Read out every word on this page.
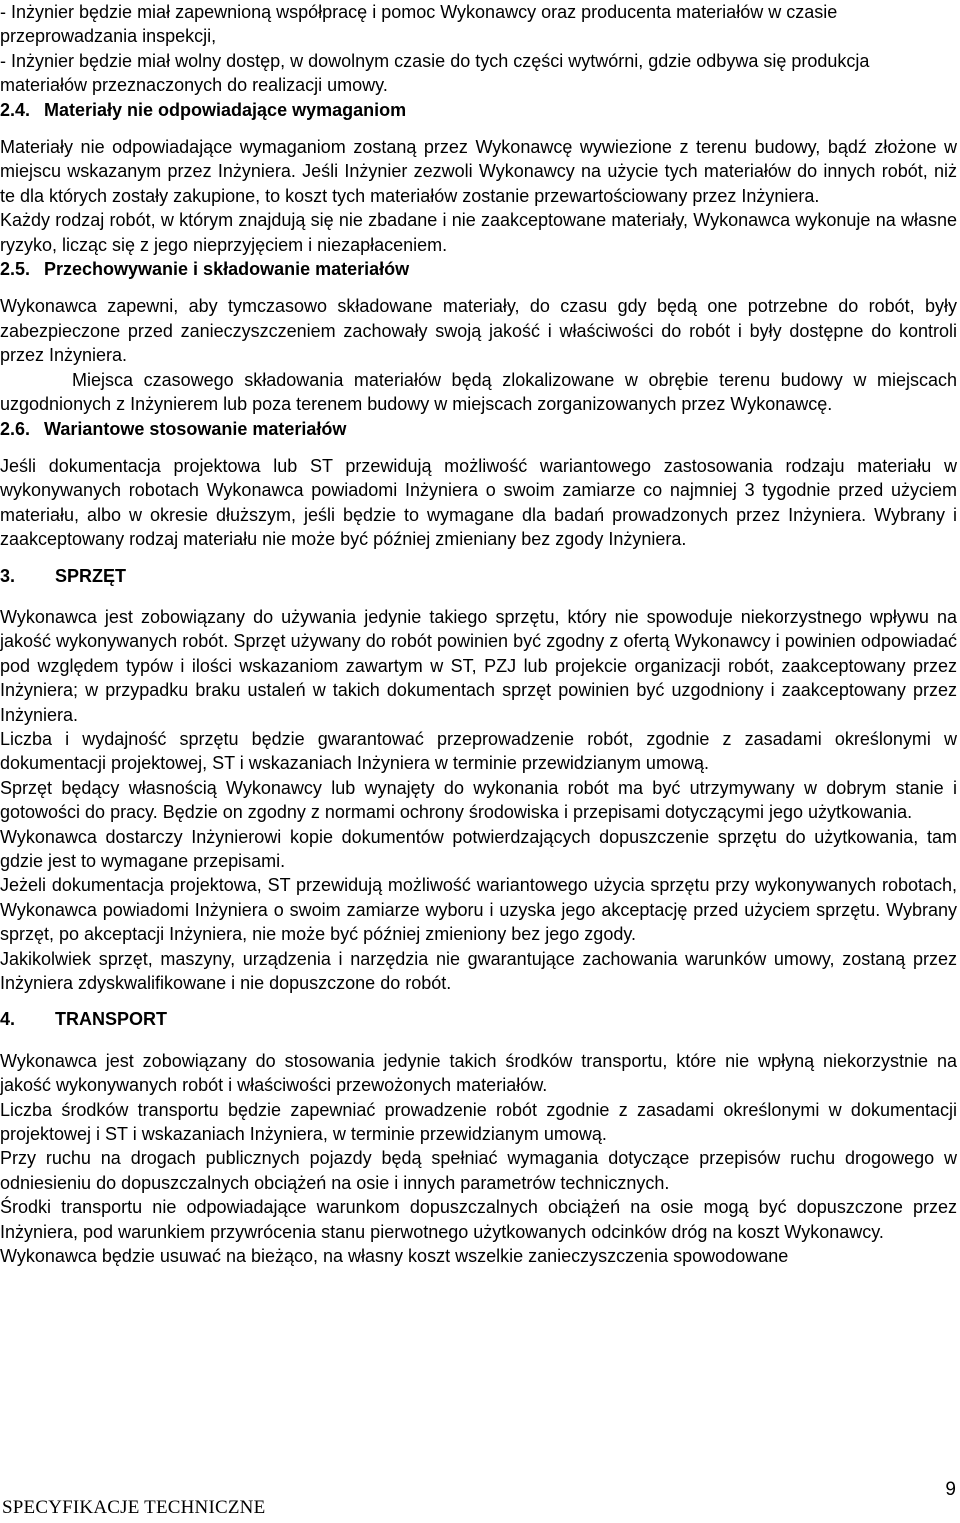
- Inżynier będzie miał zapewnioną współpracę i pomoc Wykonawcy oraz producenta materiałów w czasie przeprowadzania inspekcji,

- Inżynier będzie miał wolny dostęp, w dowolnym czasie do tych części wytwórni, gdzie odbywa się produkcja materiałów przeznaczonych do realizacji umowy.

2.4. Materiały nie odpowiadające wymaganiom

Materiały nie odpowiadające wymaganiom zostaną przez Wykonawcę wywiezione z terenu budowy, bądź złożone w miejscu wskazanym przez Inżyniera. Jeśli Inżynier zezwoli Wykonawcy na użycie tych materiałów do innych robót, niż te dla których zostały zakupione, to koszt tych materiałów zostanie przewartościowany przez Inżyniera.

Każdy rodzaj robót, w którym znajdują się nie zbadane i nie zaakceptowane materiały, Wykonawca wykonuje na własne ryzyko, licząc się z jego nieprzyjęciem i niezapłaceniem.

2.5. Przechowywanie i składowanie materiałów

Wykonawca zapewni, aby tymczasowo składowane materiały, do czasu gdy będą one potrzebne do robót, były zabezpieczone przed zanieczyszczeniem zachowały swoją jakość i właściwości do robót i były dostępne do kontroli przez Inżyniera.

Miejsca czasowego składowania materiałów będą zlokalizowane w obrębie terenu budowy w miejscach uzgodnionych z Inżynierem lub poza terenem budowy w miejscach zorganizowanych przez Wykonawcę.

2.6. Wariantowe stosowanie materiałów

Jeśli dokumentacja projektowa lub ST przewidują możliwość wariantowego zastosowania rodzaju materiału w wykonywanych robotach Wykonawca powiadomi Inżyniera o swoim zamiarze co najmniej 3 tygodnie przed użyciem materiału, albo w okresie dłuższym, jeśli będzie to wymagane dla badań prowadzonych przez Inżyniera. Wybrany i zaakceptowany rodzaj materiału nie może być później zmieniany bez zgody Inżyniera.

3. SPRZĘT

Wykonawca jest zobowiązany do używania jedynie takiego sprzętu, który nie spowoduje niekorzystnego wpływu na jakość wykonywanych robót. Sprzęt używany do robót powinien być zgodny z ofertą Wykonawcy i powinien odpowiadać pod względem typów i ilości wskazaniom zawartym w ST, PZJ lub projekcie organizacji robót, zaakceptowany przez Inżyniera; w przypadku braku ustaleń w takich dokumentach sprzęt powinien być uzgodniony i zaakceptowany przez Inżyniera.

Liczba i wydajność sprzętu będzie gwarantować przeprowadzenie robót, zgodnie z zasadami określonymi w dokumentacji projektowej, ST i wskazaniach Inżyniera w terminie przewidzianym umową.

Sprzęt będący własnością Wykonawcy lub wynajęty do wykonania robót ma być utrzymywany w dobrym stanie i gotowości do pracy. Będzie on zgodny z normami ochrony środowiska i przepisami dotyczącymi jego użytkowania.

Wykonawca dostarczy Inżynierowi kopie dokumentów potwierdzających dopuszczenie sprzętu do użytkowania, tam gdzie jest to wymagane przepisami.

Jeżeli dokumentacja projektowa, ST przewidują możliwość wariantowego użycia sprzętu przy wykonywanych robotach, Wykonawca powiadomi Inżyniera o swoim zamiarze wyboru i uzyska jego akceptację przed użyciem sprzętu. Wybrany sprzęt, po akceptacji Inżyniera, nie może być później zmieniony bez jego zgody.

Jakikolwiek sprzęt, maszyny, urządzenia i narzędzia nie gwarantujące zachowania warunków umowy, zostaną przez Inżyniera zdyskwalifikowane i nie dopuszczone do robót.

4. TRANSPORT

Wykonawca jest zobowiązany do stosowania jedynie takich środków transportu, które nie wpłyną niekorzystnie na jakość wykonywanych robót i właściwości przewożonych materiałów.

Liczba środków transportu będzie zapewniać prowadzenie robót zgodnie z zasadami określonymi w dokumentacji projektowej i ST i wskazaniach Inżyniera, w terminie przewidzianym umową.

Przy ruchu na drogach publicznych pojazdy będą spełniać wymagania dotyczące przepisów ruchu drogowego w odniesieniu do dopuszczalnych obciążeń na osie i innych parametrów technicznych.

Środki transportu nie odpowiadające warunkom dopuszczalnych obciążeń na osie mogą być dopuszczone przez Inżyniera, pod warunkiem przywrócenia stanu pierwotnego użytkowanych odcinków dróg na koszt Wykonawcy.

Wykonawca będzie usuwać na bieżąco, na własny koszt wszelkie zanieczyszczenia spowodowane

SPECYFIKACJE TECHNICZNE
9
